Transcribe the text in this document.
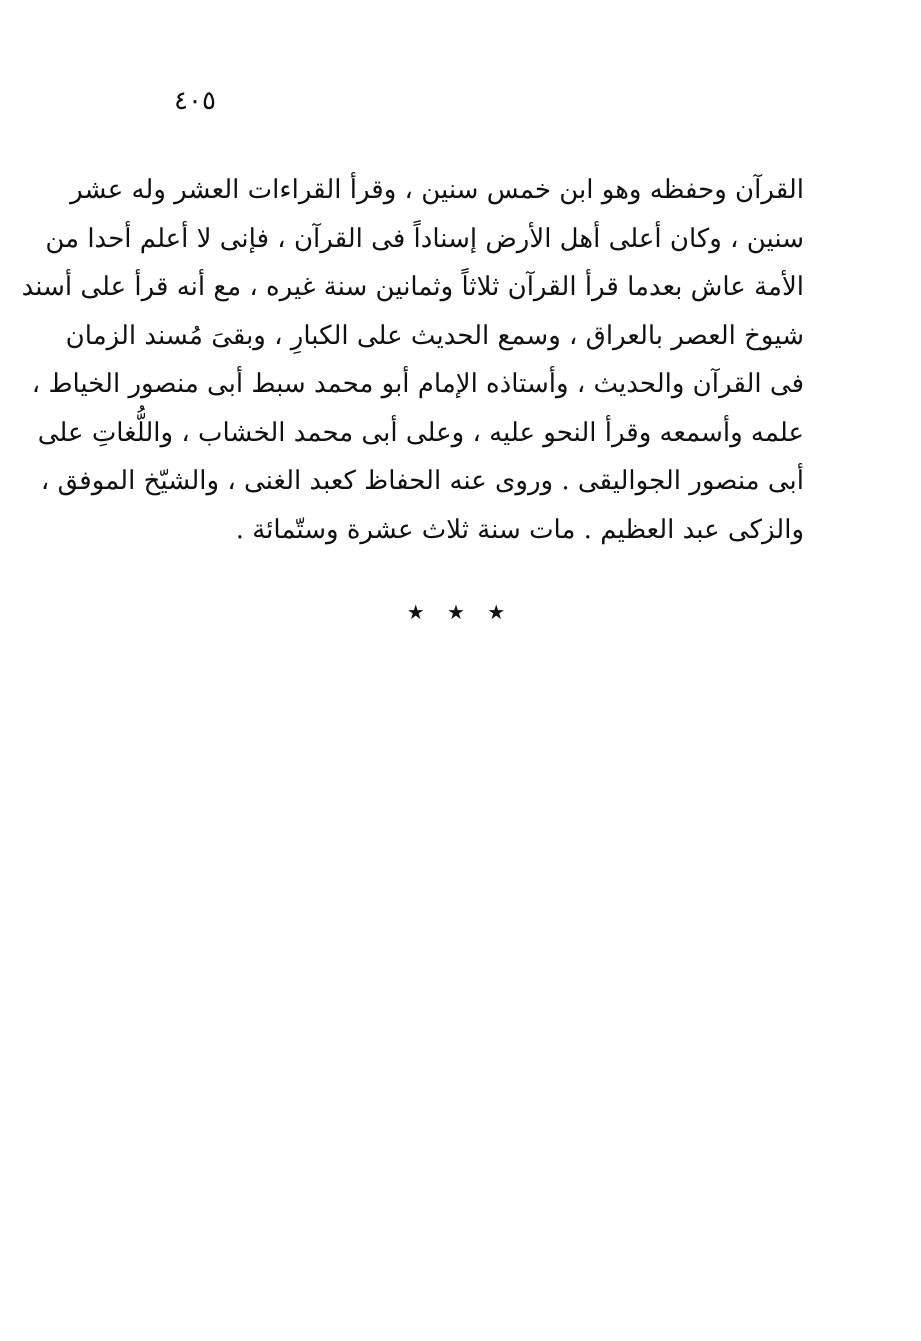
٤٠٥
القرآن وحفظه وهو ابن خمس سنين ، وقرأ القراءات العشر وله عشر
سنين ، وكان أعلى أهل الأرض إسناداً فى القرآن ، فإنى لا أعلم أحدا من
الأمة عاش بعدما قرأ القرآن ثلاثاً وثمانين سنة غيره ، مع أنه قرأ على أسند
شيوخ العصر بالعراق ، وسمع الحديث على الكبارِ ، وبقىَ مُسند الزمان
فى القرآن والحديث ، وأستاذه الإمام أبو محمد سبط أبى منصور الخياط ،
علمه وأسمعه وقرأ النحو عليه ، وعلى أبى محمد الخشاب ، واللُّغاتِ على
أبى منصور الجواليقى . وروى عنه الحفاظ كعبد الغنى ، والشيّخ الموفق ،
والزكى عبد العظيم . مات سنة ثلاث عشرة وستّمائة .
★ ★ ★
